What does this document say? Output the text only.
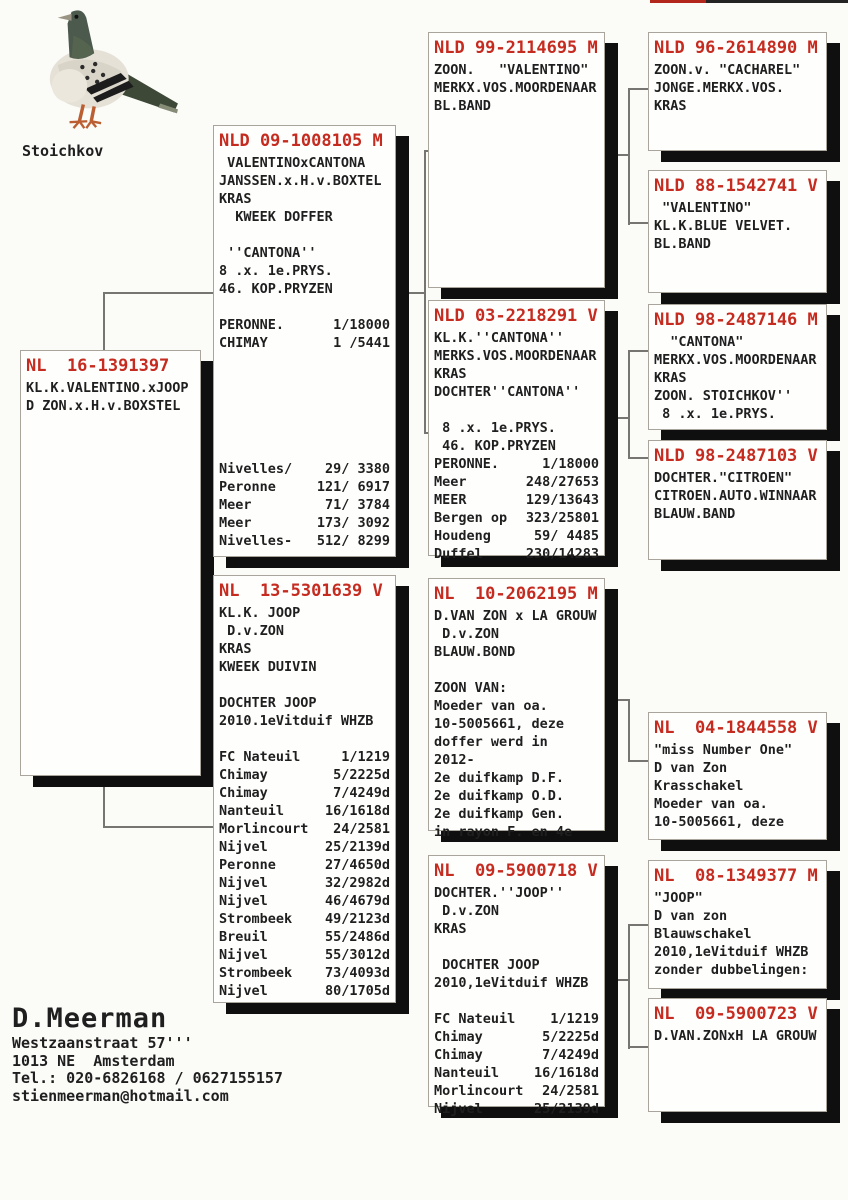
Stoichkov
NL  16-1391397
KL.K.VALENTINO.xJOOP
D ZON.x.H.v.BOXSTEL
NLD 09-1008105 M
VALENTINOxCANTONA
JANSSEN.x.H.v.BOXTEL
KRAS
KWEEK DOFFER

''CANTONA''
8 .x. 1e.PRYS.
46. KOP.PRYZEN

PERONNE.	1/18000
CHIMAY	1 /5441

Nivelles/ 29/ 3380
Peronne	121/ 6917
Meer	71/ 3784
Meer	173/ 3092
Nivelles- 512/ 8299
NL  13-5301639 V
KL.K. JOOP
D.v.ZON
KRAS
KWEEK DUIVIN

DOCHTER JOOP
2010.1eVitduif WHZB

FC Nateuil	1/1219
Chimay	5/2225d
Chimay	7/4249d
Nanteuil	16/1618d
Morlincourt 24/2581
Nijvel	25/2139d
Peronne	27/4650d
Nijvel	32/2982d
Nijvel	46/4679d
Strombeek 49/2123d
Breuil	55/2486d
Nijvel	55/3012d
Strombeek 73/4093d
Nijvel	80/1705d
NLD 99-2114695 M
ZOON.   "VALENTINO"
MERKX.VOS.MOORDENAAR
BL.BAND
NLD 03-2218291 V
KL.K.''CANTONA''
MERKS.VOS.MOORDENAAR
KRAS
DOCHTER''CANTONA''

8 .x. 1e.PRYS.
46. KOP.PRYZEN
PERONNE.	1/18000
Meer	248/27653
MEER	129/13643
Bergen op 323/25801
Houdeng	59/ 4485
Duffel	230/14283
NL  10-2062195 M
D.VAN ZON x LA GROUW
D.v.ZON
BLAUW.BOND

ZOON VAN:
Moeder van oa.
10-5005661, deze
doffer werd in
2012-
2e duifkamp D.F.
2e duifkamp O.D.
2e duifkamp Gen.
in rayon F. en 4e
NL  09-5900718 V
DOCHTER.''JOOP''
D.v.ZON
KRAS

DOCHTER JOOP
2010,1eVitduif WHZB

FC Nateuil	1/1219
Chimay	5/2225d
Chimay	7/4249d
Nanteuil	16/1618d
Morlincourt 24/2581
Nijvel	25/2139d
NLD 96-2614890 M
ZOON.v. "CACHAREL"
JONGE.MERKX.VOS.
KRAS
NLD 88-1542741 V
"VALENTINO"
KL.K.BLUE VELVET.
BL.BAND
NLD 98-2487146 M
"CANTONA"
MERKX.VOS.MOORDENAAR
KRAS
ZOON. STOICHKOV''
8 .x. 1e.PRYS.
NLD 98-2487103 V
DOCHTER."CITROEN"
CITROEN.AUTO.WINNAAR
BLAUW.BAND
NL  04-1844558 V
"miss Number One"
D van Zon
Krasschakel
Moeder van oa.
10-5005661, deze
NL  08-1349377 M
"JOOP"
D van zon
Blauwschakel
2010,1eVitduif WHZB
zonder dubbelingen:
NL  09-5900723 V
D.VAN.ZONxH LA GROUW
D.Meerman
Westzaanstraat 57'''
1013 NE  Amsterdam
Tel.: 020-6826168 / 0627155157
stienmeerman@hotmail.com
